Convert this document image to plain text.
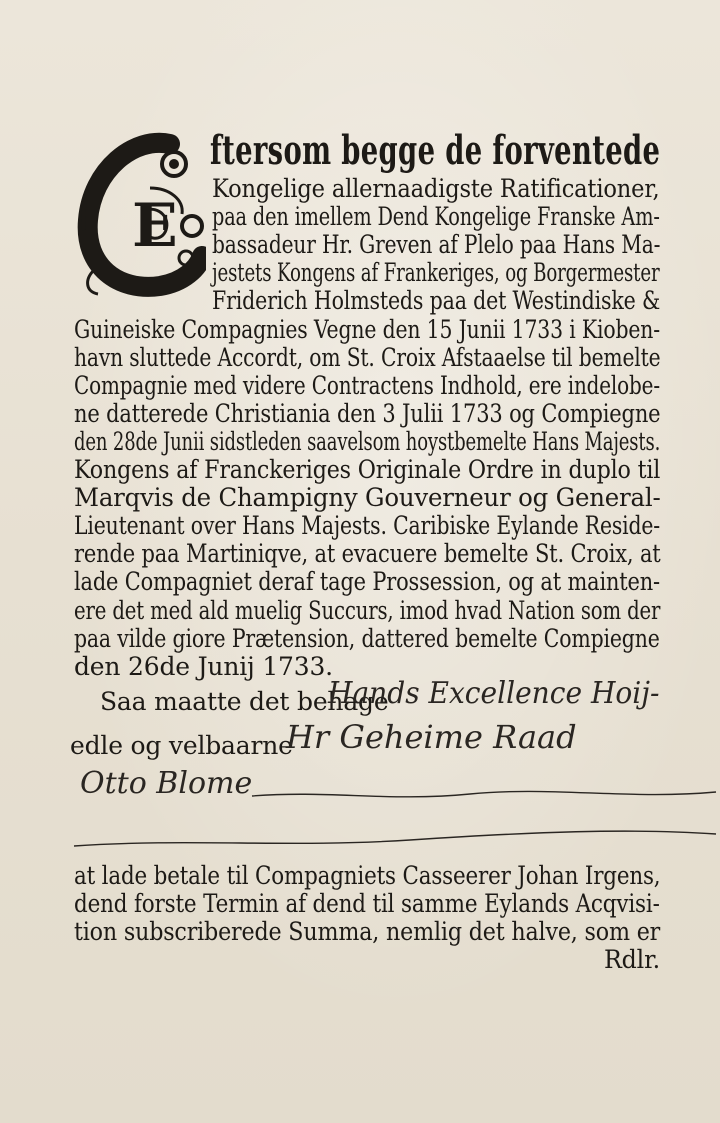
E
ftersom begge de forventede
Kongelige allernaadigste Ratificationer,
paa den imellem Dend Kongelige Franske Am-
bassadeur Hr. Greven af Plelo paa Hans Ma-
jestets Kongens af Frankeriges, og Borgermester
Friderich Holmsteds paa det Westindiske &
Guineiske Compagnies Vegne den 15 Junii 1733 i Kioben-
havn sluttede Accordt, om St. Croix Afstaaelse til bemelte
Compagnie med videre Contractens Indhold, ere indelobe-
ne datterede Christiania den 3 Julii 1733 og Compiegne
den 28de Junii sidstleden saavelsom hoystbemelte Hans Majests.
Kongens af Franckeriges Originale Ordre in duplo til
Marqvis de Champigny Gouverneur og General-
Lieutenant over Hans Majests. Caribiske Eylande Reside-
rende paa Martiniqve, at evacuere bemelte St. Croix, at
lade Compagniet deraf tage Prossession, og at mainten-
ere det med ald muelig Succurs, imod hvad Nation som der
paa vilde giore Prætension, dattered bemelte Compiegne
den 26de Junij 1733.
Saa maatte det behage
Hands Excellence Hoij-
edle og velbaarne
Hr Geheime Raad
Otto Blome
at lade betale til Compagniets Casseerer Johan Irgens,
dend forste Termin af dend til samme Eylands Acqvisi-
tion subscriberede Summa, nemlig det halve, som er
Rdlr.
